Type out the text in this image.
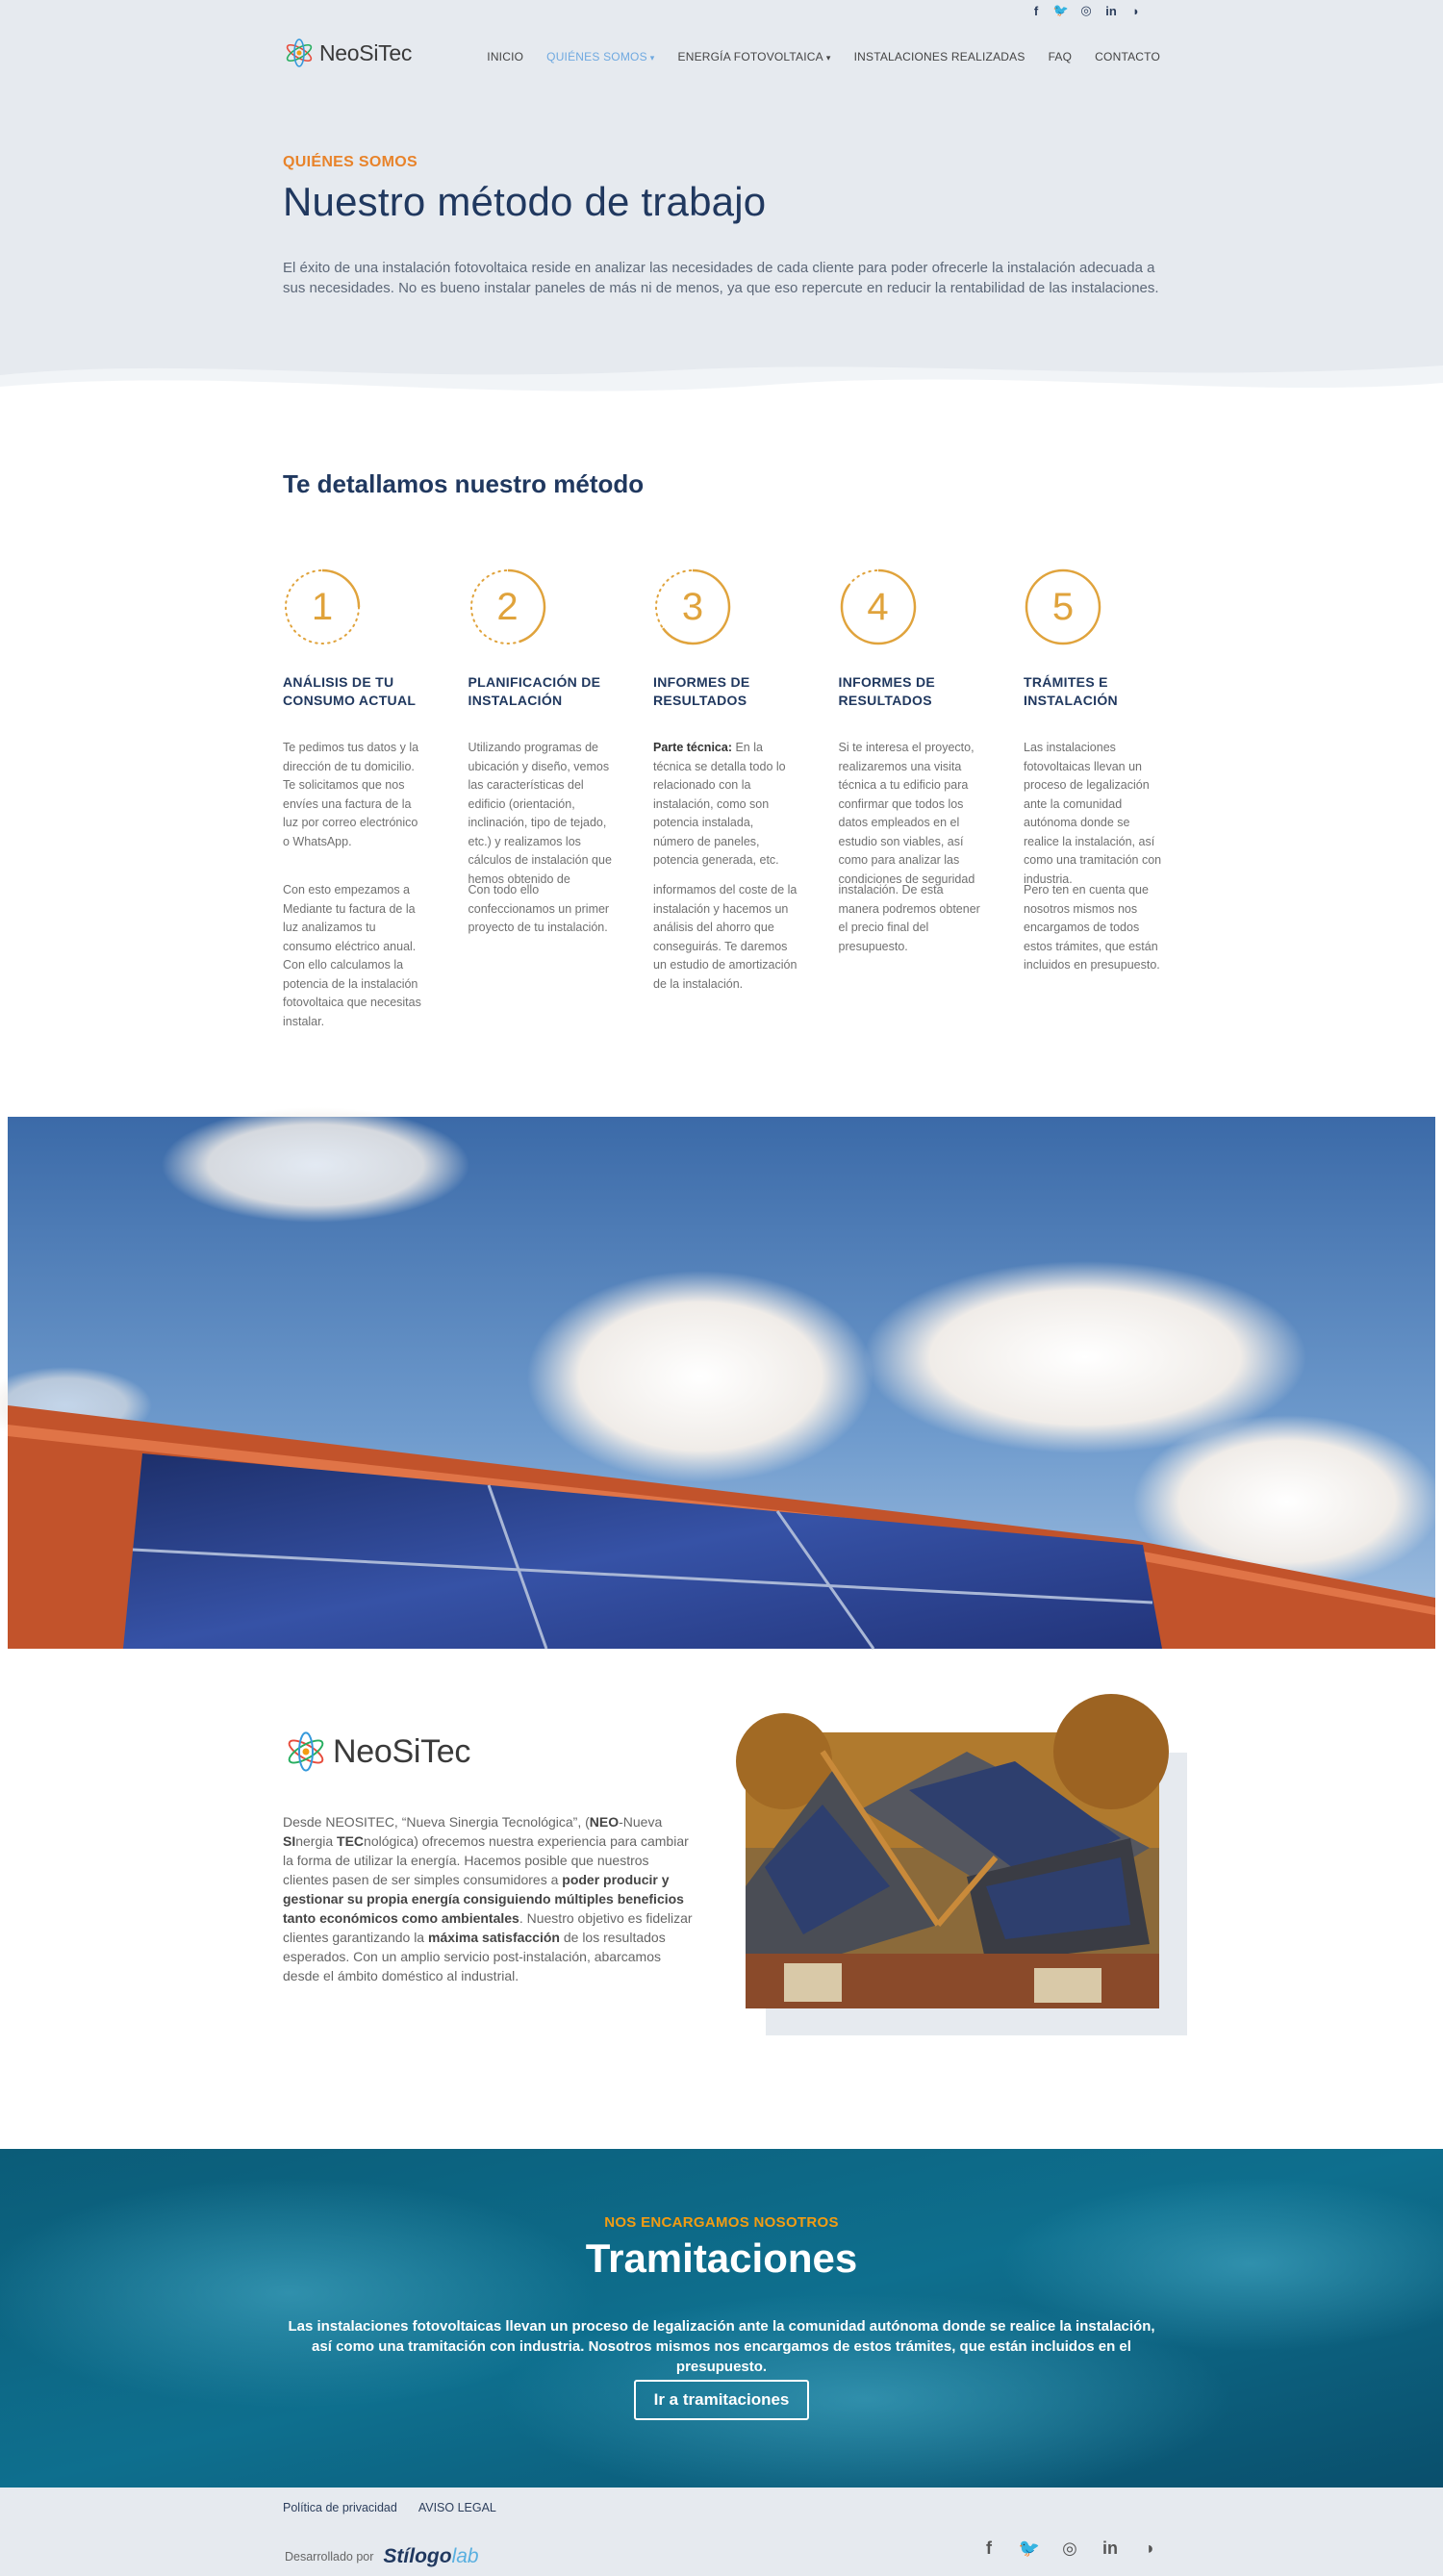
f	🐦 ◎ in ◗
NeoSiTec	INICIO QUIÉNES SOMOS ▾ ENERGÍA FOTOVOLTAICA ▾ INSTALACIONES REALIZADAS FAQ CONTACTO
QUIÉNES SOMOS
Nuestro método de trabajo

El éxito de una instalación fotovoltaica reside en analizar las necesidades de cada cliente para poder ofrecerle la instalación adecuada a sus necesidades. No es bueno instalar paneles de más ni de menos, ya que eso repercute en reducir la rentabilidad de las instalaciones.

Te detallamos nuestro método
1
ANÁLISIS DE TU CONSUMO ACTUAL

Te pedimos tus datos y la dirección de tu domicilio. Te solicitamos que nos envíes una factura de la luz por correo electrónico o WhatsApp.

Con esto empezamos a Mediante tu factura de la luz analizamos tu consumo eléctrico anual. Con ello calculamos la potencia de la instalación fotovoltaica que necesitas instalar.

2
PLANIFICACIÓN DE INSTALACIÓN

Utilizando programas de ubicación y diseño, vemos las características del edificio (orientación, inclinación, tipo de tejado, etc.) y realizamos los cálculos de instalación que hemos obtenido de

Con todo ello confeccionamos un primer proyecto de tu instalación.

3
INFORMES DE RESULTADOS

Parte técnica: En la técnica se detalla todo lo relacionado con la instalación, como son potencia instalada, número de paneles, potencia generada, etc.

informamos del coste de la instalación y hacemos un análisis del ahorro que conseguirás. Te daremos un estudio de amortización de la instalación.

4
INFORMES DE RESULTADOS

Si te interesa el proyecto, realizaremos una visita técnica a tu edificio para confirmar que todos los datos empleados en el estudio son viables, así como para analizar las condiciones de seguridad

instalación. De esta manera podremos obtener el precio final del presupuesto.

5
TRÁMITES E INSTALACIÓN

Las instalaciones fotovoltaicas llevan un proceso de legalización ante la comunidad autónoma donde se realice la instalación, así como una tramitación con industria.

Pero ten en cuenta que nosotros mismos nos encargamos de todos estos trámites, que están incluidos en presupuesto.

NeoSiTec

Desde NEOSITEC, “Nueva Sinergia Tecnológica”, (NEO-Nueva SInergia TECnológica) ofrecemos nuestra experiencia para cambiar la forma de utilizar la energía. Hacemos posible que nuestros clientes pasen de ser simples consumidores a poder producir y gestionar su propia energía consiguiendo múltiples beneficios tanto económicos como ambientales. Nuestro objetivo es fidelizar clientes garantizando la máxima satisfacción de los resultados esperados. Con un amplio servicio post-instalación, abarcamos desde el ámbito doméstico al industrial.

NOS ENCARGAMOS NOSOTROS
Tramitaciones

Las instalaciones fotovoltaicas llevan un proceso de legalización ante la comunidad autónoma donde se realice la instalación, así como una tramitación con industria. Nosotros mismos nos encargamos de estos trámites, que están incluidos en el presupuesto.

Ir a tramitaciones
Política de privacidad AVISO LEGAL
Desarrollado por Stílogolab	f	🐦 ◎ in ◗
